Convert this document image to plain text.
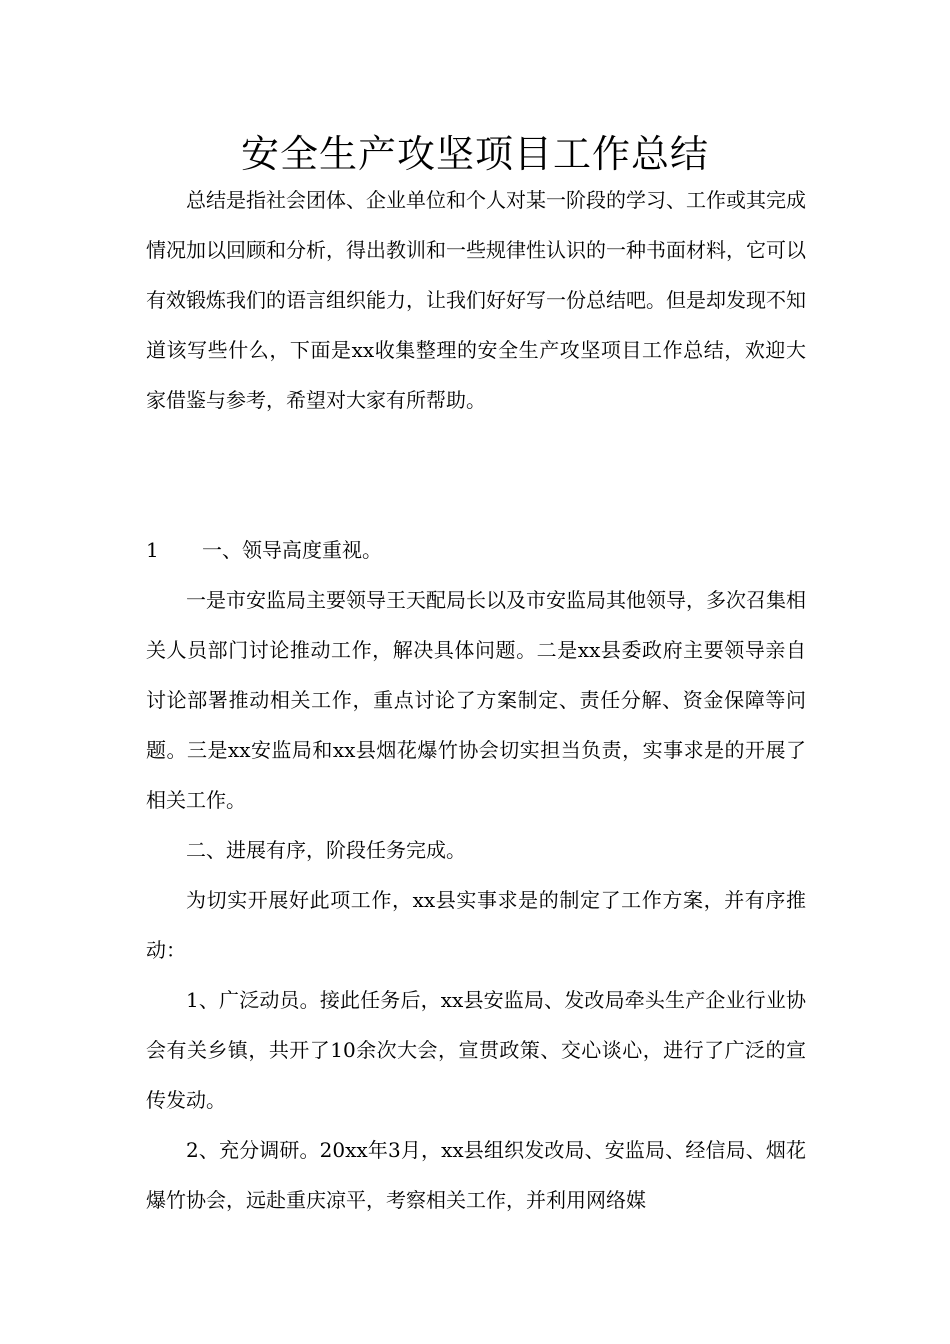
安全生产攻坚项目工作总结

总结是指社会团体、企业单位和个人对某一阶段的学习、工作或其完成情况加以回顾和分析，得出教训和一些规律性认识的一种书面材料，它可以有效锻炼我们的语言组织能力，让我们好好写一份总结吧。但是却发现不知道该写些什么，下面是xx收集整理的安全生产攻坚项目工作总结，欢迎大家借鉴与参考，希望对大家有所帮助。

1 一、领导高度重视。

一是市安监局主要领导王天配局长以及市安监局其他领导，多次召集相关人员部门讨论推动工作，解决具体问题。二是xx县委政府主要领导亲自讨论部署推动相关工作，重点讨论了方案制定、责任分解、资金保障等问题。三是xx安监局和xx县烟花爆竹协会切实担当负责，实事求是的开展了相关工作。

二、进展有序，阶段任务完成。

为切实开展好此项工作，xx县实事求是的制定了工作方案，并有序推动：

1、广泛动员。接此任务后，xx县安监局、发改局牵头生产企业行业协会有关乡镇，共开了10余次大会，宣贯政策、交心谈心，进行了广泛的宣传发动。

2、充分调研。20xx年3月，xx县组织发改局、安监局、经信局、烟花爆竹协会，远赴重庆凉平，考察相关工作，并利用网络媒
